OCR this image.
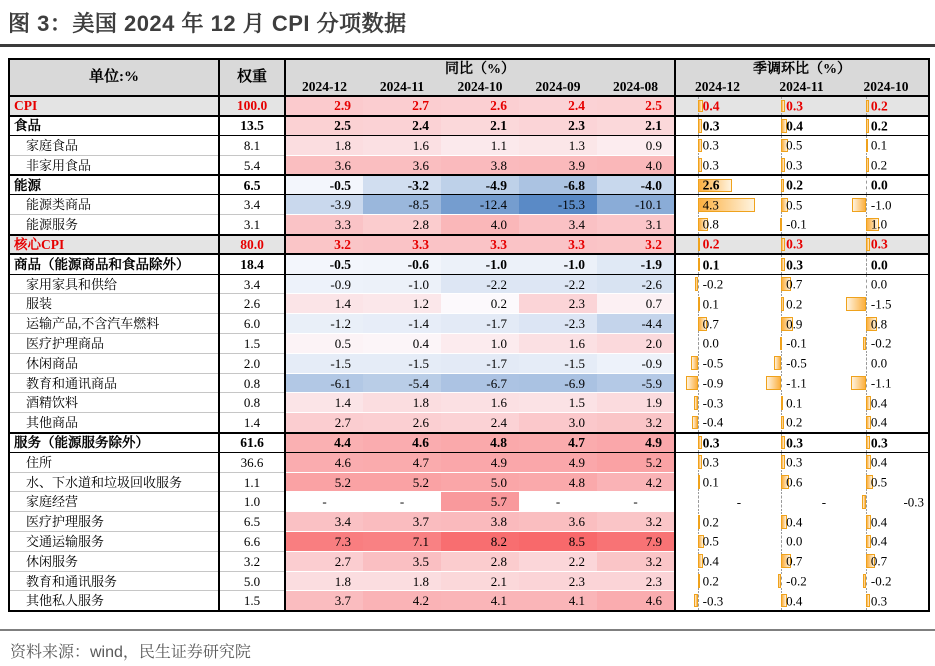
图 3：美国 2024 年 12 月 CPI 分项数据
单位:%	权重	同比（%）					季调环比（%）		
		2024-12	2024-11	2024-10	2024-09	2024-08	2024-12	2024-11	2024-10
CPI	100.0	2.9	2.7	2.6	2.4	2.5	0.4	0.3	0.2

食品	13.5	2.5	2.4	2.1	2.3	2.1	0.3	0.4	0.2

家庭食品	8.1	1.8	1.6	1.1	1.3	0.9	0.3	0.5	0.1

非家用食品	5.4	3.6	3.6	3.8	3.9	4.0	0.3	0.3	0.2

能源	6.5	-0.5	-3.2	-4.9	-6.8	-4.0	2.6	0.2	0.0

能源类商品	3.4	-3.9	-8.5	-12.4	-15.3	-10.1	4.3	0.5	-1.0

能源服务	3.1	3.3	2.8	4.0	3.4	3.1	0.8	-0.1	1.0

核心CPI	80.0	3.2	3.3	3.3	3.3	3.2	0.2	0.3	0.3

商品（能源商品和食品除外）	18.4	-0.5	-0.6	-1.0	-1.0	-1.9	0.1	0.3	0.0

家用家具和供给	3.4	-0.9	-1.0	-2.2	-2.2	-2.6	-0.2	0.7	0.0

服装	2.6	1.4	1.2	0.2	2.3	0.7	0.1	0.2	-1.5

运输产品,不含汽车燃料	6.0	-1.2	-1.4	-1.7	-2.3	-4.4	0.7	0.9	0.8

医疗护理商品	1.5	0.5	0.4	1.0	1.6	2.0	0.0	-0.1	-0.2

休闲商品	2.0	-1.5	-1.5	-1.7	-1.5	-0.9	-0.5	-0.5	0.0

教育和通讯商品	0.8	-6.1	-5.4	-6.7	-6.9	-5.9	-0.9	-1.1	-1.1

酒精饮料	0.8	1.4	1.8	1.6	1.5	1.9	-0.3	0.1	0.4

其他商品	1.4	2.7	2.6	2.4	3.0	3.2	-0.4	0.2	0.4

服务（能源服务除外）	61.6	4.4	4.6	4.8	4.7	4.9	0.3	0.3	0.3

住所	36.6	4.6	4.7	4.9	4.9	5.2	0.3	0.3	0.4

水、下水道和垃圾回收服务	1.1	5.2	5.2	5.0	4.8	4.2	0.1	0.6	0.5

家庭经营	1.0	-	-	5.7	-	-	-	-	-0.3

医疗护理服务	6.5	3.4	3.7	3.8	3.6	3.2	0.2	0.4	0.4

交通运输服务	6.6	7.3	7.1	8.2	8.5	7.9	0.5	0.0	0.4

休闲服务	3.2	2.7	3.5	2.8	2.2	3.2	0.4	0.7	0.7

教育和通讯服务	5.0	1.8	1.8	2.1	2.3	2.3	0.2	-0.2	-0.2

其他私人服务	1.5	3.7	4.2	4.1	4.1	4.6	-0.3	0.4	0.3
资料来源：wind，民生证券研究院
